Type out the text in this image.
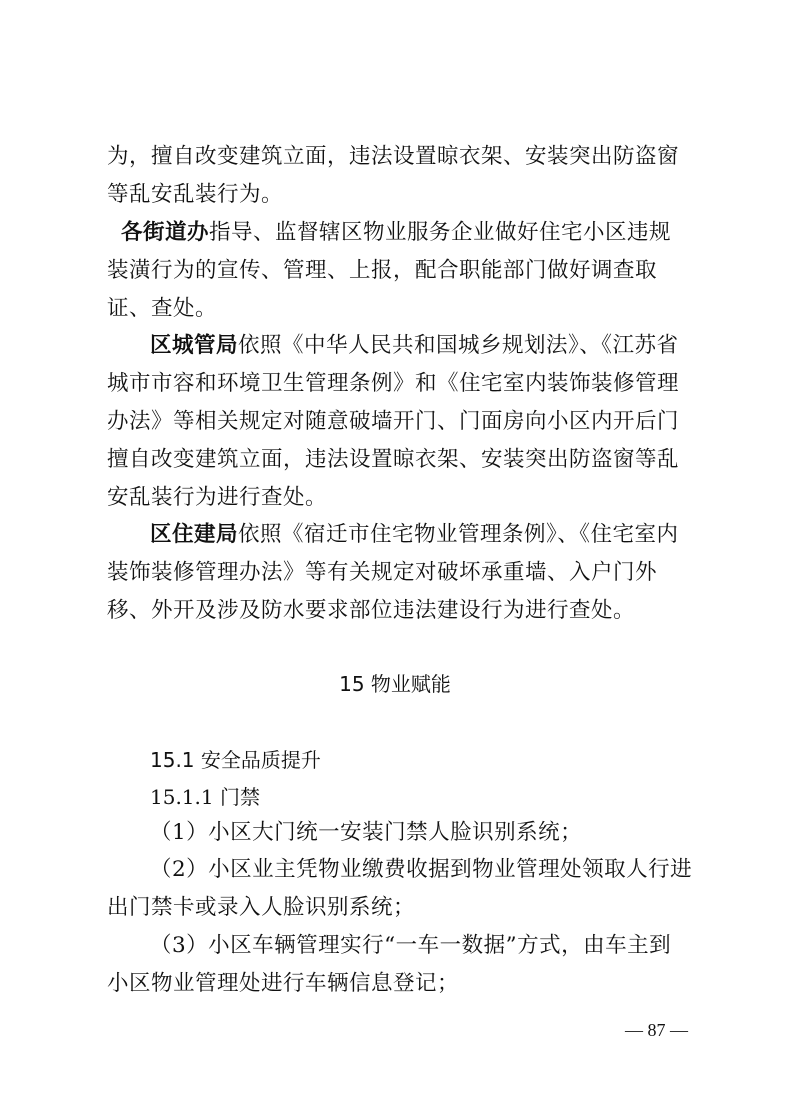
为，擅自改变建筑立面，违法设置晾衣架、安装突出防盗窗等乱安乱装行为。

各街道办指导、监督辖区物业服务企业做好住宅小区违规装潢行为的宣传、管理、上报，配合职能部门做好调查取证、查处。

区城管局依照《中华人民共和国城乡规划法》、《江苏省城市市容和环境卫生管理条例》和《住宅室内装饰装修管理办法》等相关规定对随意破墙开门、门面房向小区内开后门擅自改变建筑立面，违法设置晾衣架、安装突出防盗窗等乱安乱装行为进行查处。

区住建局依照《宿迁市住宅物业管理条例》、《住宅室内装饰装修管理办法》等有关规定对破坏承重墙、入户门外移、外开及涉及防水要求部位违法建设行为进行查处。

15 物业赋能
15.1 安全品质提升
15.1.1 门禁

（1）小区大门统一安装门禁人脸识别系统；

（2）小区业主凭物业缴费收据到物业管理处领取人行进出门禁卡或录入人脸识别系统；

（3）小区车辆管理实行“一车一数据”方式，由车主到小区物业管理处进行车辆信息登记；

— 87 —
